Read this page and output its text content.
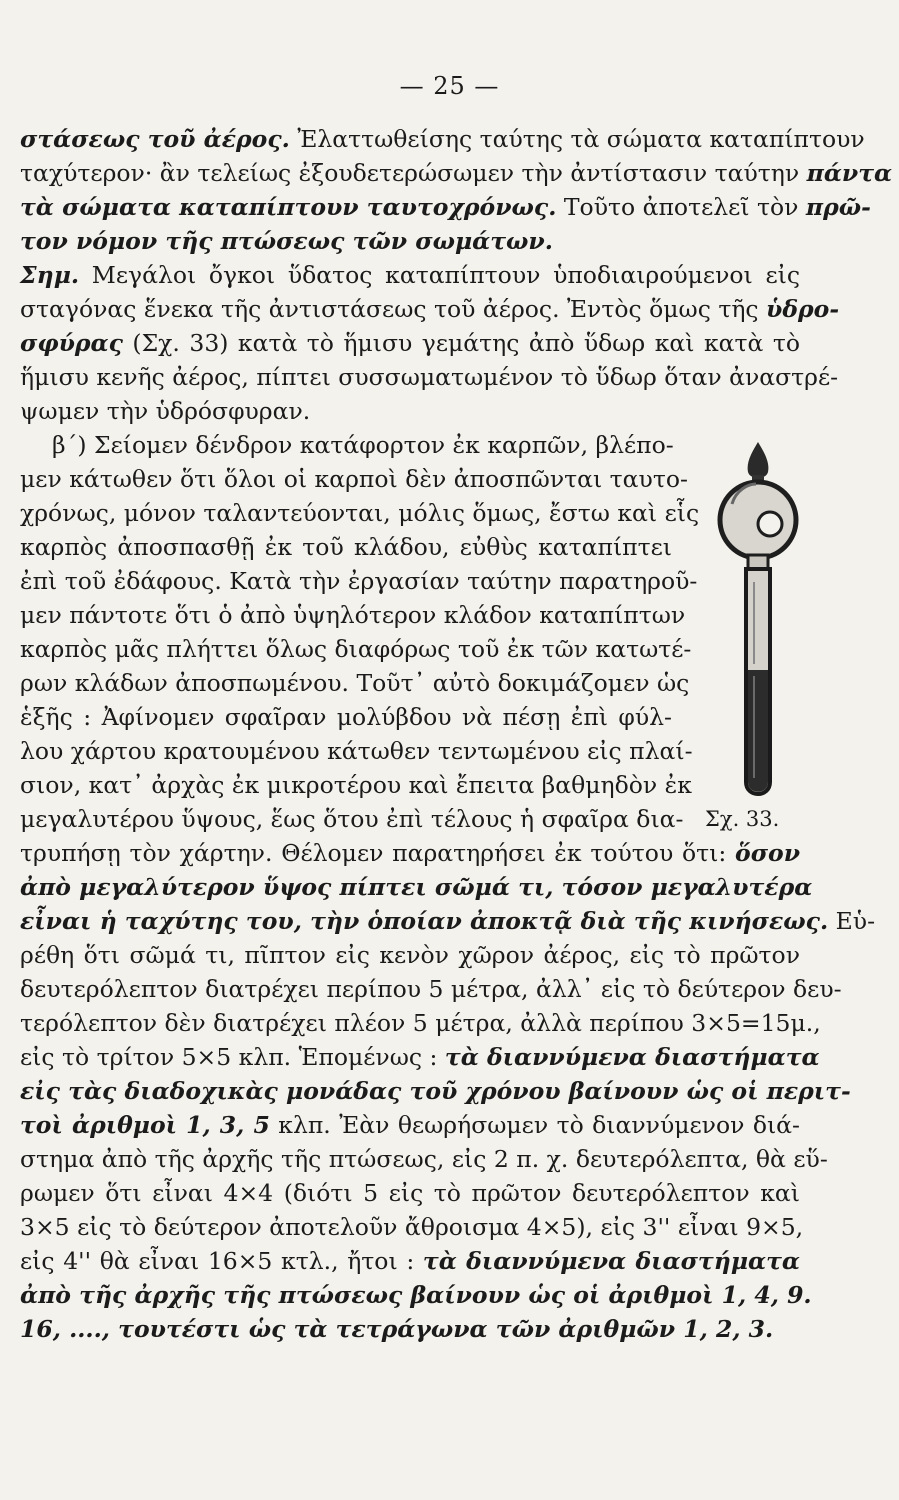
— 25 —
στάσεως τοῦ ἀέρος. Ἐλαττωθείσης ταύτης τὰ σώματα καταπίπτουν
ταχύτερον· ἂν τελείως ἐξουδετερώσωμεν τὴν ἀντίστασιν ταύτην πάντα
τὰ σώματα καταπίπτουν ταυτοχρόνως. Τοῦτο ἀποτελεῖ τὸν πρῶ-
τον νόμον τῆς πτώσεως τῶν σωμάτων.
Σημ. Μεγάλοι ὄγκοι ὕδατος καταπίπτουν ὑποδιαιρούμενοι εἰς
σταγόνας ἕνεκα τῆς ἀντιστάσεως τοῦ ἀέρος. Ἐντὸς ὅμως τῆς ὑδρο-
σφύρας (Σχ. 33) κατὰ τὸ ἥμισυ γεμάτης ἀπὸ ὕδωρ καὶ κατὰ τὸ
ἥμισυ κενῆς ἀέρος, πίπτει συσσωματωμένον τὸ ὕδωρ ὅταν ἀναστρέ-
ψωμεν τὴν ὑδρόσφυραν.
β΄) Σείομεν δένδρον κατάφορτον ἐκ καρπῶν, βλέπο-
μεν κάτωθεν ὅτι ὅλοι οἱ καρποὶ δὲν ἀποσπῶνται ταυτο-
χρόνως, μόνον ταλαντεύονται, μόλις ὅμως, ἔστω καὶ εἷς
καρπὸς ἀποσπασθῇ ἐκ τοῦ κλάδου, εὐθὺς καταπίπτει
ἐπὶ τοῦ ἐδάφους. Κατὰ τὴν ἐργασίαν ταύτην παρατηροῦ-
μεν πάντοτε ὅτι ὁ ἀπὸ ὑψηλότερον κλάδον καταπίπτων
καρπὸς μᾶς πλήττει ὅλως διαφόρως τοῦ ἐκ τῶν κατωτέ-
ρων κλάδων ἀποσπωμένου. Τοῦτ᾽ αὐτὸ δοκιμάζομεν ὡς
ἑξῆς : Ἀφίνομεν σφαῖραν μολύβδου νὰ πέσῃ ἐπὶ φύλ-
λου χάρτου κρατουμένου κάτωθεν τεντωμένου εἰς πλαί-
σιον, κατ᾽ ἀρχὰς ἐκ μικροτέρου καὶ ἔπειτα βαθμηδὸν ἐκ
μεγαλυτέρου ὕψους, ἕως ὅτου ἐπὶ τέλους ἡ σφαῖρα δια-
τρυπήσῃ τὸν χάρτην. Θέλομεν παρατηρήσει ἐκ τούτου ὅτι: ὅσον
ἀπὸ μεγαλύτερον ὕψος πίπτει σῶμά τι, τόσον μεγαλυτέρα
εἶναι ἡ ταχύτης του, τὴν ὁποίαν ἀποκτᾷ διὰ τῆς κινήσεως. Εὑ-
ρέθη ὅτι σῶμά τι, πῖπτον εἰς κενὸν χῶρον ἀέρος, εἰς τὸ πρῶτον
δευτερόλεπτον διατρέχει περίπου 5 μέτρα, ἀλλ᾽ εἰς τὸ δεύτερον δευ-
τερόλεπτον δὲν διατρέχει πλέον 5 μέτρα, ἀλλὰ περίπου 3×5=15μ.,
εἰς τὸ τρίτον 5×5 κλπ. Ἑπομένως : τὰ διαννύμενα διαστήματα
εἰς τὰς διαδοχικὰς μονάδας τοῦ χρόνου βαίνουν ὡς οἱ περιτ-
τοὶ ἀριθμοὶ 1, 3, 5 κλπ. Ἐὰν θεωρήσωμεν τὸ διαννύμενον διά-
στημα ἀπὸ τῆς ἀρχῆς τῆς πτώσεως, εἰς 2 π. χ. δευτερόλεπτα, θὰ εὕ-
ρωμεν ὅτι εἶναι 4×4 (διότι 5 εἰς τὸ πρῶτον δευτερόλεπτον καὶ
3×5 εἰς τὸ δεύτερον ἀποτελοῦν ἄθροισμα 4×5), εἰς 3'' εἶναι 9×5,
εἰς 4'' θὰ εἶναι 16×5 κτλ., ἤτοι : τὰ διαννύμενα διαστήματα
ἀπὸ τῆς ἀρχῆς τῆς πτώσεως βαίνουν ὡς οἱ ἀριθμοὶ 1, 4, 9.
16, ...., τουτέστι ὡς τὰ τετράγωνα τῶν ἀριθμῶν 1, 2, 3.
Σχ. 33.
